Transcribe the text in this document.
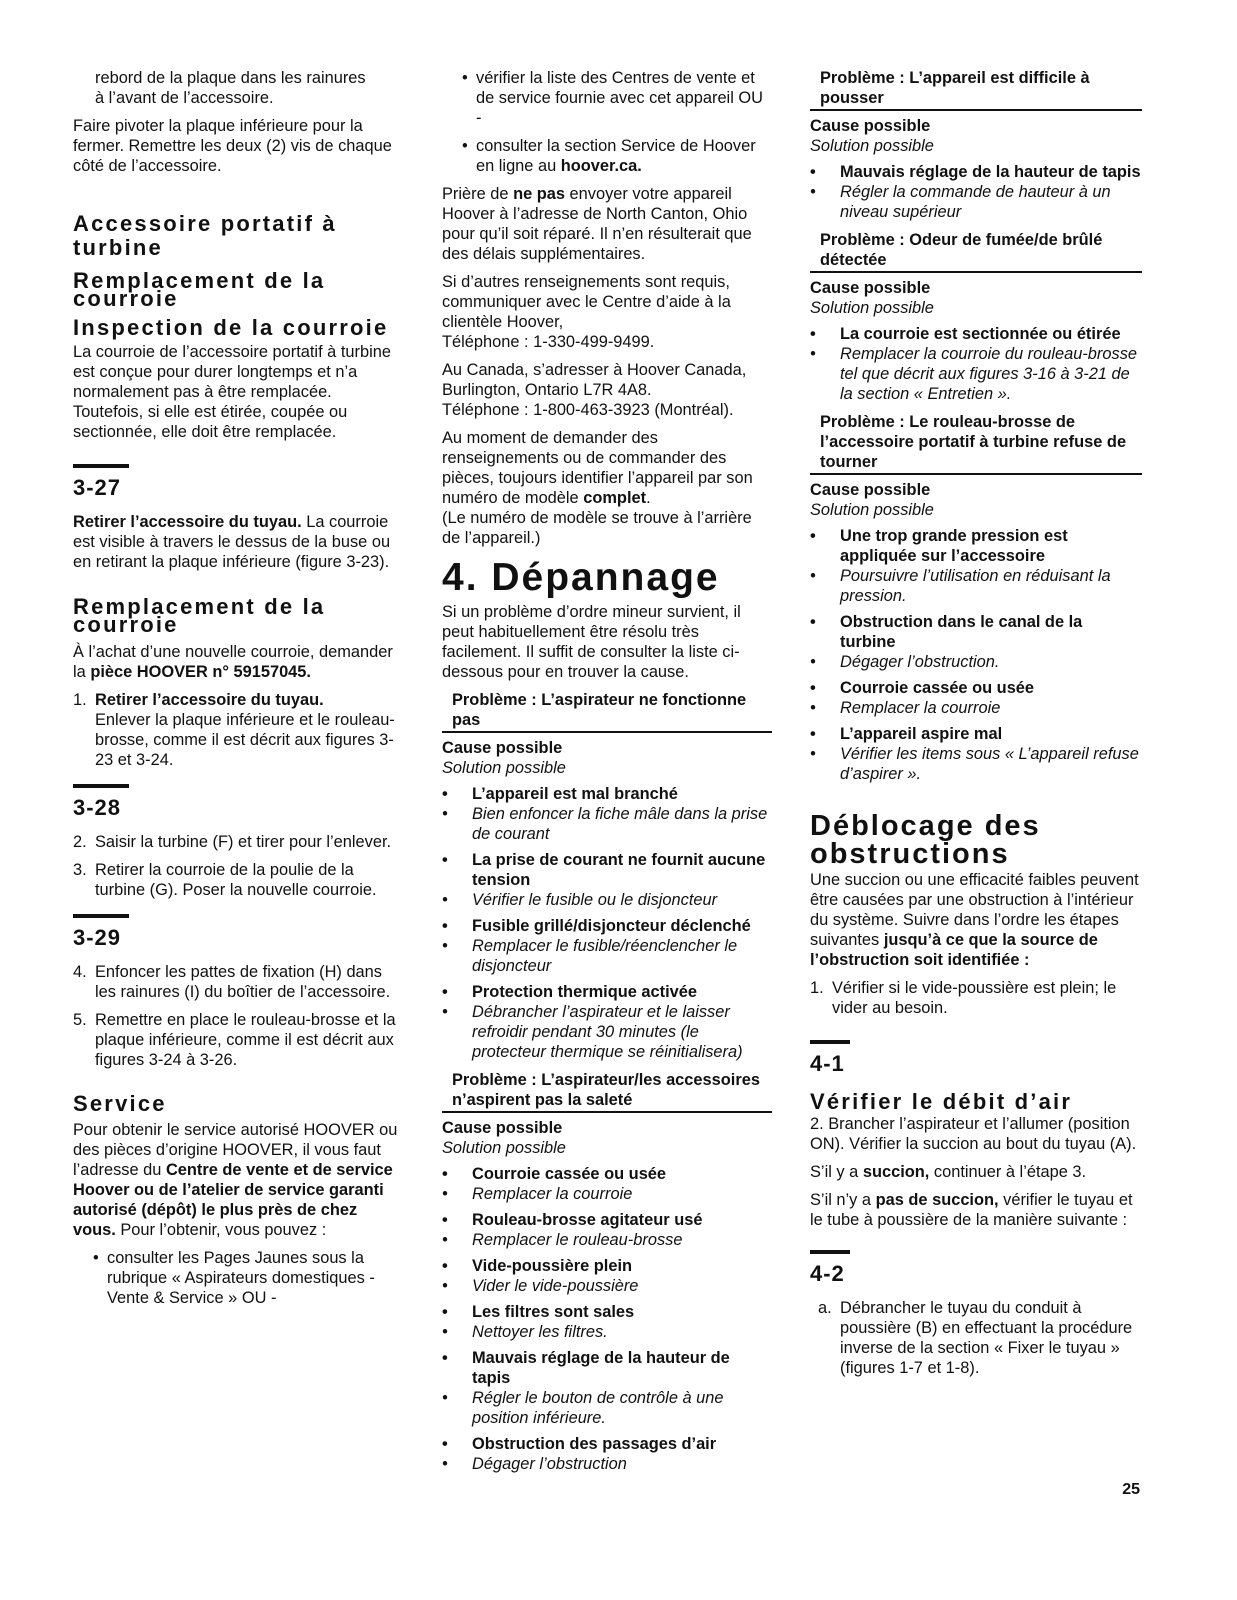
rebord de la plaque dans les rainures
à l’avant de l’accessoire.

Faire pivoter la plaque inférieure pour la fermer. Remettre les deux (2) vis de chaque côté de l’accessoire.

Accessoire portatif à turbine
Remplacement de la courroie
Inspection de la courroie

La courroie de l’accessoire portatif à turbine est conçue pour durer longtemps et n’a normalement pas à être remplacée. Toutefois, si elle est étirée, coupée ou sectionnée, elle doit être remplacée.

3-27

Retirer l’accessoire du tuyau. La courroie est visible à travers le dessus de la buse ou en retirant la plaque inférieure (figure 3-23).

Remplacement de la courroie

À l’achat d’une nouvelle courroie, demander la pièce HOOVER n° 59157045.

1. Retirer l’accessoire du tuyau.
Enlever la plaque inférieure et le rouleau-brosse, comme il est décrit aux figures 3-23 et 3-24.
3-28
2. Saisir la turbine (F) et tirer pour l’enlever.
3. Retirer la courroie de la poulie de la turbine (G). Poser la nouvelle courroie.
3-29
4. Enfoncer les pattes de fixation (H) dans les rainures (I) du boîtier de l’accessoire.
5. Remettre en place le rouleau-brosse et la plaque inférieure, comme il est décrit aux figures 3-24 à 3-26.
Service

Pour obtenir le service autorisé HOOVER ou des pièces d’origine HOOVER, il vous faut l’adresse du Centre de vente et de service Hoover ou de l’atelier de service garanti autorisé (dépôt) le plus près de chez vous. Pour l’obtenir, vous pouvez :

• consulter les Pages Jaunes sous la rubrique « Aspirateurs domestiques - Vente & Service » OU -
• vérifier la liste des Centres de vente et de service fournie avec cet appareil OU -
• consulter la section Service de Hoover en ligne au hoover.ca.

Prière de ne pas envoyer votre appareil Hoover à l’adresse de North Canton, Ohio pour qu’il soit réparé. Il n’en résulterait que des délais supplémentaires.

Si d’autres renseignements sont requis, communiquer avec le Centre d’aide à la clientèle Hoover,
Téléphone : 1-330-499-9499.

Au Canada, s’adresser à Hoover Canada, Burlington, Ontario L7R 4A8.
Téléphone : 1-800-463-3923 (Montréal).

Au moment de demander des renseignements ou de commander des pièces, toujours identifier l’appareil par son numéro de modèle complet.
(Le numéro de modèle se trouve à l’arrière de l’appareil.)

4. Dépannage

Si un problème d’ordre mineur survient, il peut habituellement être résolu très facilement. Il suffit de consulter la liste ci-dessous pour en trouver la cause.

Problème : L’aspirateur ne fonctionne pas
Cause possible
Solution possible
• L’appareil est mal branché
• Bien enfoncer la fiche mâle dans la prise de courant
• La prise de courant ne fournit aucune tension
• Vérifier le fusible ou le disjoncteur
• Fusible grillé/disjoncteur déclenché
• Remplacer le fusible/réenclencher le disjoncteur
• Protection thermique activée
• Débrancher l’aspirateur et le laisser refroidir pendant 30 minutes (le protecteur thermique se réinitialisera)
Problème : L’aspirateur/les accessoires n’aspirent pas la saleté
Cause possible
Solution possible
• Courroie cassée ou usée
• Remplacer la courroie
• Rouleau-brosse agitateur usé
• Remplacer le rouleau-brosse
• Vide-poussière plein
• Vider le vide-poussière
• Les filtres sont sales
• Nettoyer les filtres.
• Mauvais réglage de la hauteur de tapis
• Régler le bouton de contrôle à une position inférieure.
• Obstruction des passages d’air
• Dégager l’obstruction
Problème : L’appareil est difficile à pousser
Cause possible
Solution possible
• Mauvais réglage de la hauteur de tapis
• Régler la commande de hauteur à un niveau supérieur
Problème : Odeur de fumée/de brûlé détectée
Cause possible
Solution possible
• La courroie est sectionnée ou étirée
• Remplacer la courroie du rouleau-brosse tel que décrit aux figures 3-16 à 3-21 de la section « Entretien ».
Problème : Le rouleau-brosse de l’accessoire portatif à turbine refuse de tourner
Cause possible
Solution possible
• Une trop grande pression est appliquée sur l’accessoire
• Poursuivre l’utilisation en réduisant la pression.
• Obstruction dans le canal de la turbine
• Dégager l’obstruction.
• Courroie cassée ou usée
• Remplacer la courroie
• L’appareil aspire mal
• Vérifier les items sous « L’appareil refuse d’aspirer ».
Déblocage des obstructions

Une succion ou une efficacité faibles peuvent être causées par une obstruction à l’intérieur du système. Suivre dans l’ordre les étapes suivantes jusqu’à ce que la source de l’obstruction soit identifiée :

1. Vérifier si le vide-poussière est plein; le vider au besoin.
4-1
Vérifier le débit d’air

2. Brancher l’aspirateur et l’allumer (position ON). Vérifier la succion au bout du tuyau (A).

S’il y a succion, continuer à l’étape 3.

S’il n’y a pas de succion, vérifier le tuyau et le tube à poussière de la manière suivante :

4-2
a. Débrancher le tuyau du conduit à poussière (B) en effectuant la procédure inverse de la section « Fixer le tuyau » (figures 1-7 et 1-8).
25
